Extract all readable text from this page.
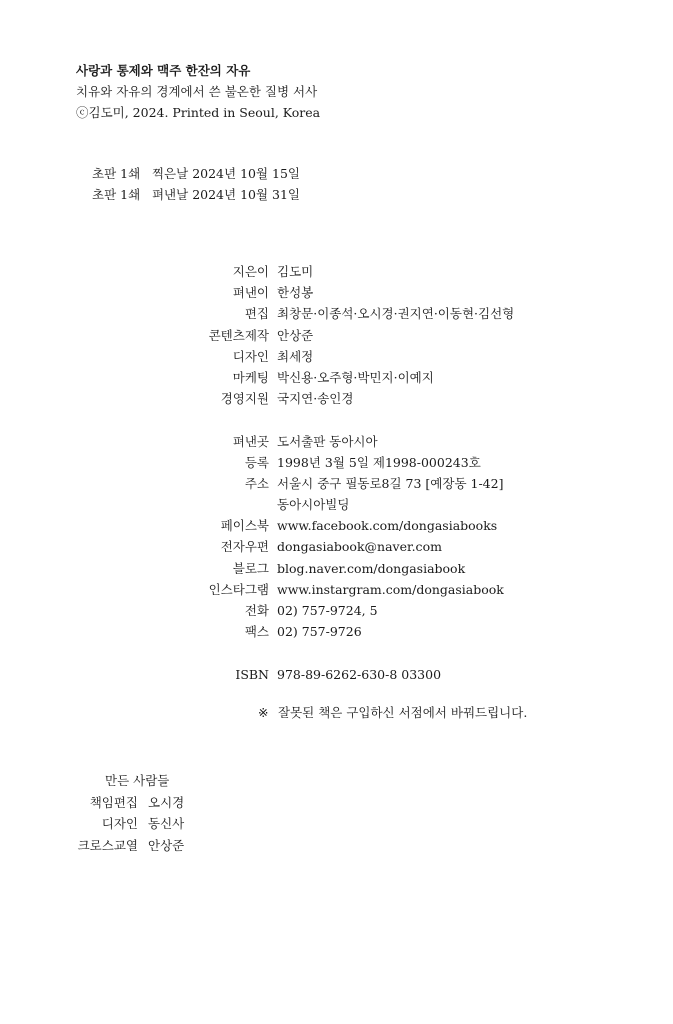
사랑과 통제와 맥주 한잔의 자유
치유와 자유의 경계에서 쓴 불온한 질병 서사
ⓒ김도미, 2024. Printed in Seoul, Korea
초판 1쇄 찍은날 2024년 10월 15일
초판 1쇄 펴낸날 2024년 10월 31일
지은이 김도미
펴낸이 한성봉
편집 최창문·이종석·오시경·권지연·이동현·김선형
콘텐츠제작 안상준
디자인 최세정
마케팅 박신용·오주형·박민지·이예지
경영지원 국지연·송인경
펴낸곳 도서출판 동아시아
등록 1998년 3월 5일 제1998-000243호
주소 서울시 중구 필동로8길 73 [예장동 1-42]
동아시아빌딩
페이스북 www.facebook.com/dongasiabooks
전자우편 dongasiabook@naver.com
블로그 blog.naver.com/dongasiabook
인스타그램 www.instargram.com/dongasiabook
전화 02) 757-9724, 5
팩스 02) 757-9726
ISBN 978-89-6262-630-8 03300
※ 잘못된 책은 구입하신 서점에서 바꿔드립니다.
만든 사람들
책임편집 오시경
디자인 동신사
크로스교열 안상준
